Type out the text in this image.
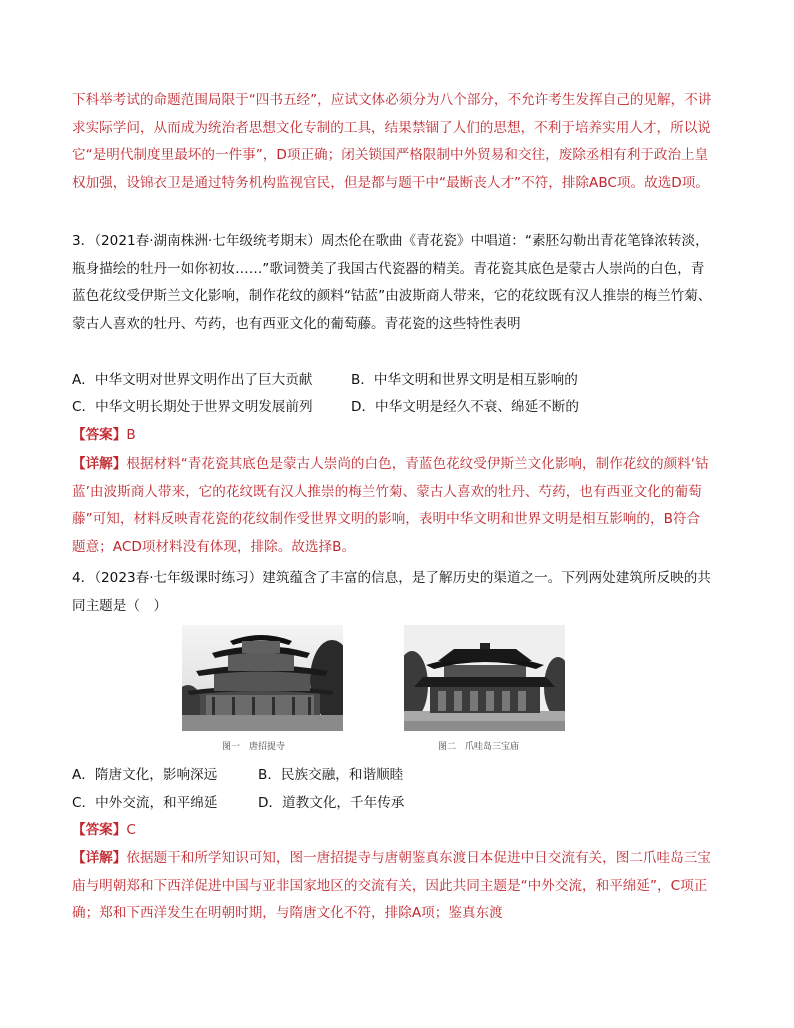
下科举考试的命题范围局限于“四书五经”，应试文体必须分为八个部分，不允许考生发挥自己的见解，不讲求实际学问，从而成为统治者思想文化专制的工具，结果禁锢了人们的思想，不利于培养实用人才，所以说它“是明代制度里最坏的一件事”，D项正确；闭关锁国严格限制中外贸易和交往，废除丞相有利于政治上皇权加强，设锦衣卫是通过特务机构监视官民，但是都与题干中“最断丧人才”不符，排除ABC项。故选D项。
3．（2021春·湖南株洲·七年级统考期末）周杰伦在歌曲《青花瓷》中唱道：“素胚勾勒出青花笔锋浓转淡，瓶身描绘的牡丹一如你初妆……”歌词赞美了我国古代瓷器的精美。青花瓷其底色是蒙古人崇尚的白色，青蓝色花纹受伊斯兰文化影响，制作花纹的颜料“钴蓝”由波斯商人带来，它的花纹既有汉人推崇的梅兰竹菊、蒙古人喜欢的牡丹、芍药，也有西亚文化的葡萄藤。青花瓷的这些特性表明
A．中华文明对世界文明作出了巨大贡献	B．中华文明和世界文明是相互影响的
C．中华文明长期处于世界文明发展前列	D．中华文明是经久不衰、绵延不断的
【答案】B
【详解】根据材料“青花瓷其底色是蒙古人崇尚的白色，青蓝色花纹受伊斯兰文化影响，制作花纹的颜料‘钴蓝’由波斯商人带来，它的花纹既有汉人推崇的梅兰竹菊、蒙古人喜欢的牡丹、芍药，也有西亚文化的葡萄藤”可知，材料反映青花瓷的花纹制作受世界文明的影响，表明中华文明和世界文明是相互影响的，B符合题意；ACD项材料没有体现，排除。故选择B。
4．（2023春·七年级课时练习）建筑蕴含了丰富的信息，是了解历史的渠道之一。下列两处建筑所反映的共同主题是（　）
图一　唐招提寺	图二　爪哇岛三宝庙
A．隋唐文化，影响深远	B．民族交融，和谐顺睦
C．中外交流，和平绵延	D．道教文化，千年传承
【答案】C
【详解】依据题干和所学知识可知，图一唐招提寺与唐朝鉴真东渡日本促进中日交流有关，图二爪哇岛三宝庙与明朝郑和下西洋促进中国与亚非国家地区的交流有关，因此共同主题是“中外交流，和平绵延”，C项正确；郑和下西洋发生在明朝时期，与隋唐文化不符，排除A项；鉴真东渡
